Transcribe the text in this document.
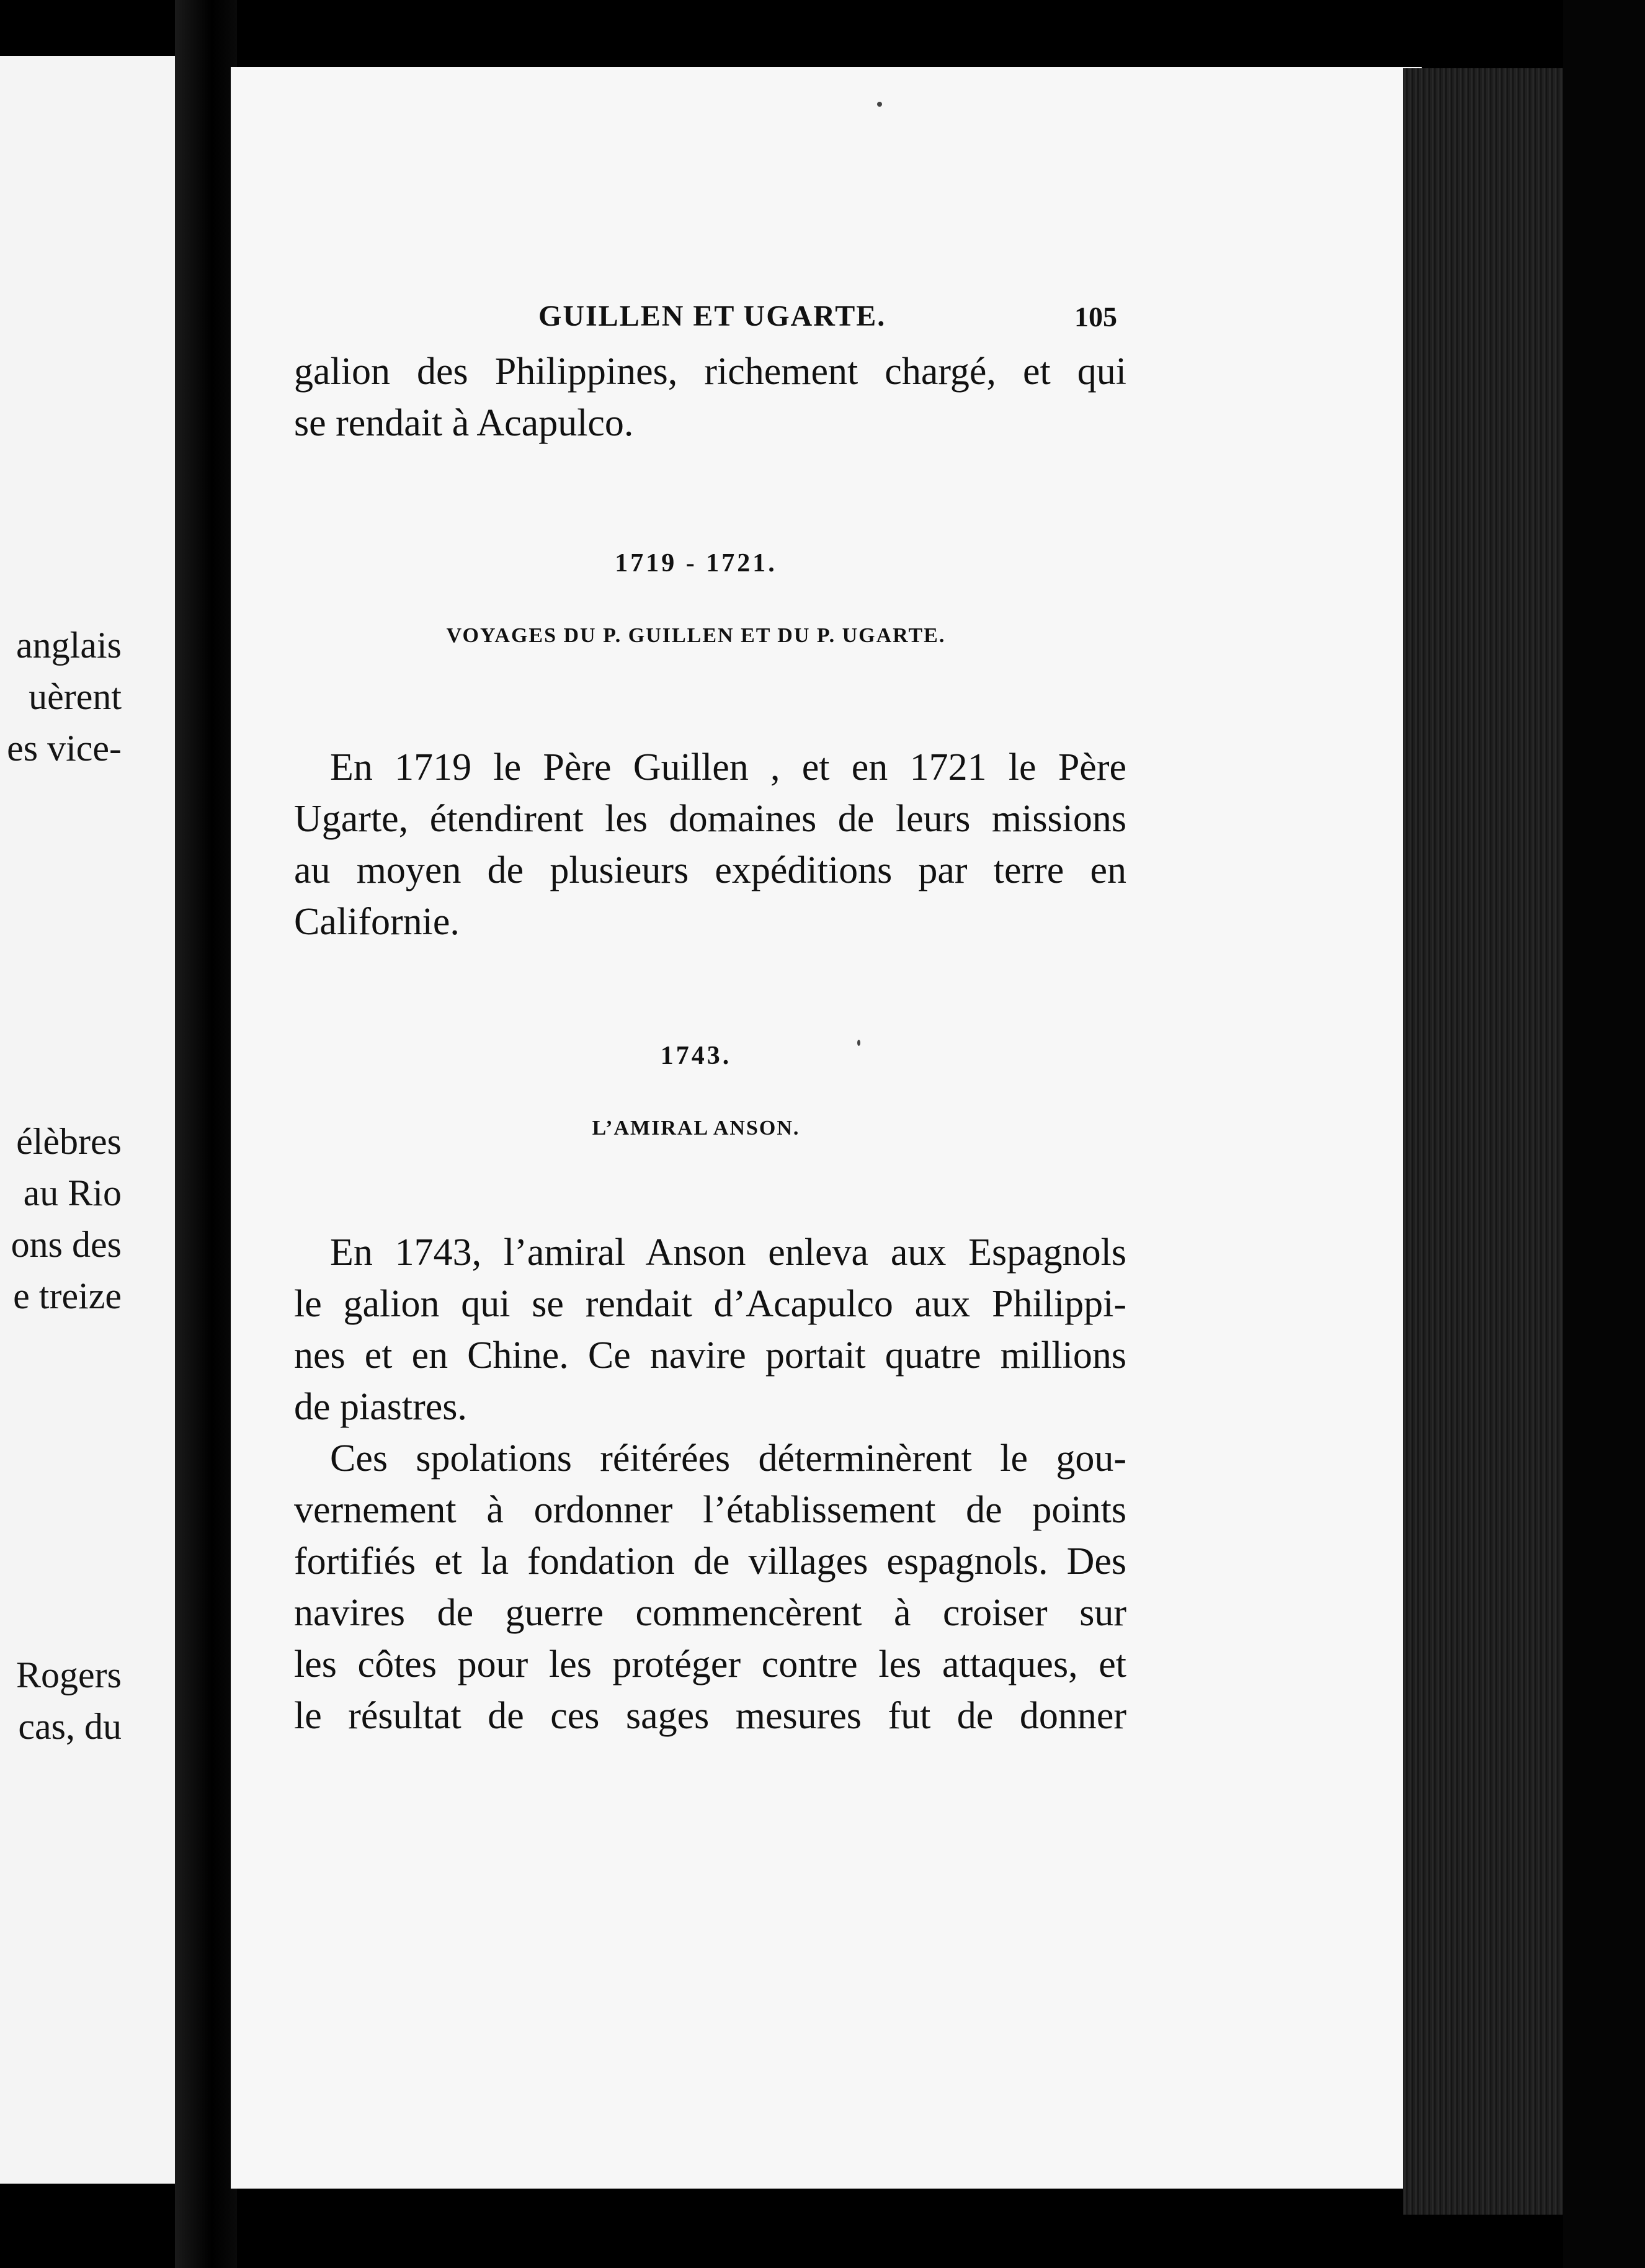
anglais
uèrent
es vice-
élèbres
au Rio
ons des
e treize
Rogers
cas, du
GUILLEN ET UGARTE.	105
galion des Philippines, richement chargé, et qui
se rendait à Acapulco.
1719 - 1721.
VOYAGES DU P. GUILLEN ET DU P. UGARTE.
En 1719 le Père Guillen , et en 1721 le Père
Ugarte, étendirent les domaines de leurs missions
au moyen de plusieurs expéditions par terre en
Californie.
1743.
L’AMIRAL ANSON.
En 1743, l’amiral Anson enleva aux Espagnols
le galion qui se rendait d’Acapulco aux Philippi-
nes et en Chine. Ce navire portait quatre millions
de piastres.
Ces spolations réitérées déterminèrent le gou-
vernement à ordonner l’établissement de points
fortifiés et la fondation de villages espagnols. Des
navires de guerre commencèrent à croiser sur
les côtes pour les protéger contre les attaques, et
le résultat de ces sages mesures fut de donner
